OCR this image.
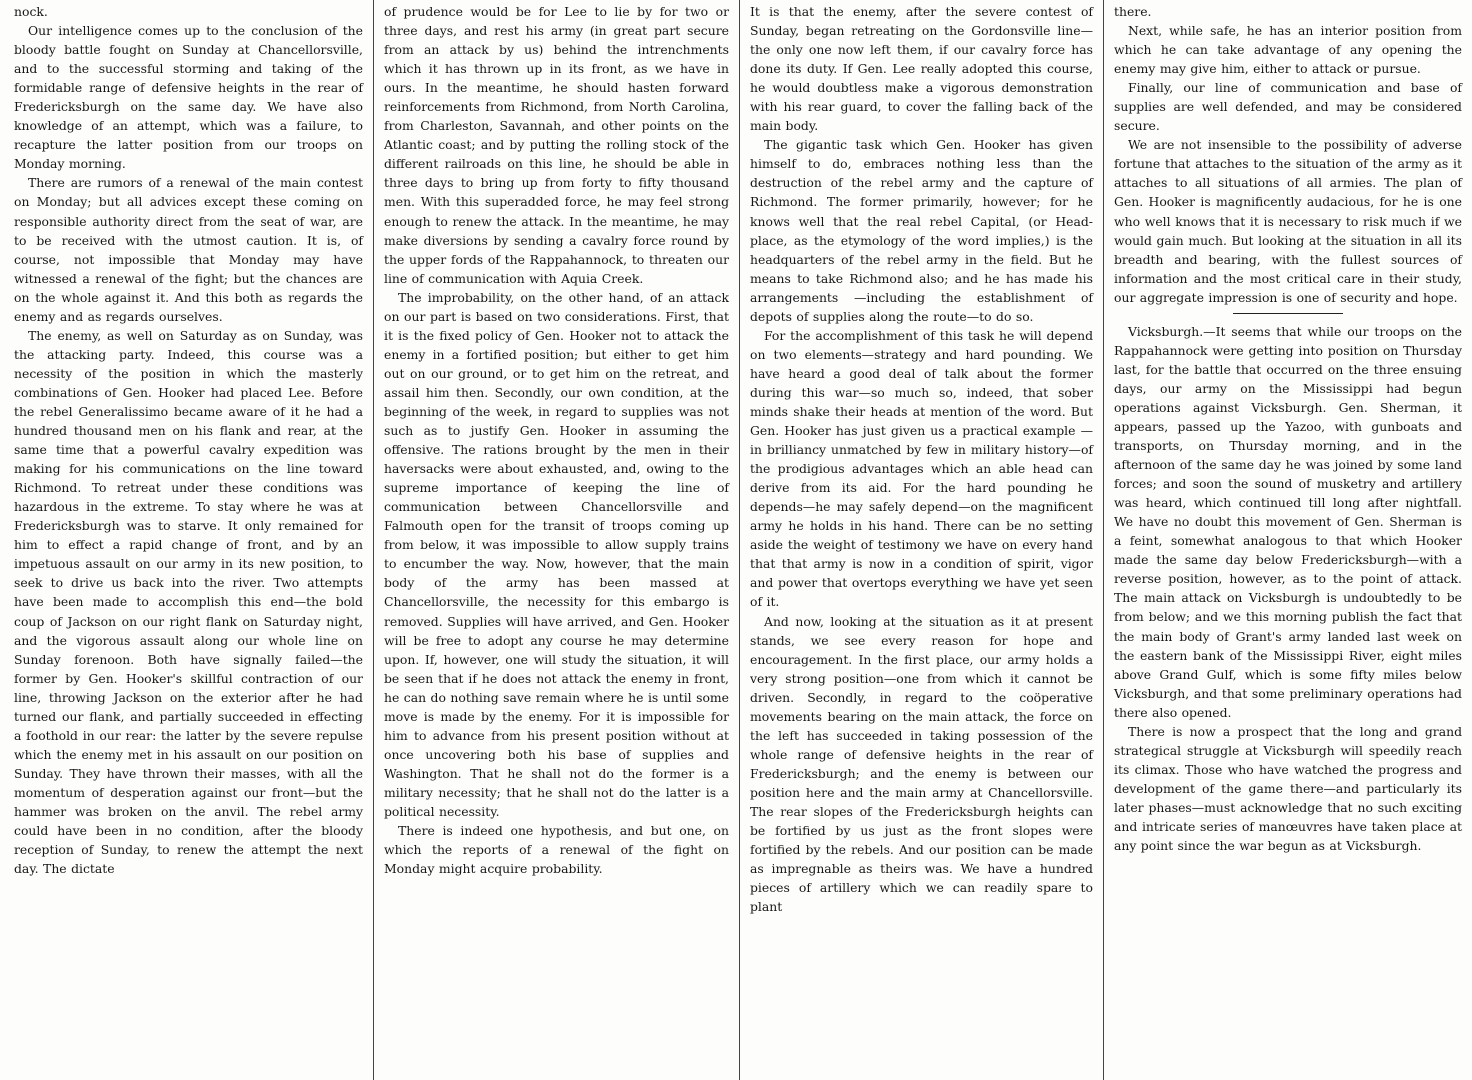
nock.

Our intelligence comes up to the conclusion of the bloody battle fought on Sunday at Chancellorsville, and to the successful storming and taking of the formidable range of defensive heights in the rear of Fredericksburgh on the same day. We have also knowledge of an attempt, which was a failure, to recapture the latter position from our troops on Monday morning.

There are rumors of a renewal of the main contest on Monday; but all advices except these coming on responsible authority direct from the seat of war, are to be received with the utmost caution. It is, of course, not impossible that Monday may have witnessed a renewal of the fight; but the chances are on the whole against it. And this both as regards the enemy and as regards ourselves.

The enemy, as well on Saturday as on Sunday, was the attacking party. Indeed, this course was a necessity of the position in which the masterly combinations of Gen. Hooker had placed Lee. Before the rebel Generalissimo became aware of it he had a hundred thousand men on his flank and rear, at the same time that a powerful cavalry expedition was making for his communications on the line toward Richmond. To retreat under these conditions was hazardous in the extreme. To stay where he was at Fredericksburgh was to starve. It only remained for him to effect a rapid change of front, and by an impetuous assault on our army in its new position, to seek to drive us back into the river. Two attempts have been made to accomplish this end—the bold coup of Jackson on our right flank on Saturday night, and the vigorous assault along our whole line on Sunday forenoon. Both have signally failed—the former by Gen. Hooker's skillful contraction of our line, throwing Jackson on the exterior after he had turned our flank, and partially succeeded in effecting a foothold in our rear: the latter by the severe repulse which the enemy met in his assault on our position on Sunday. They have thrown their masses, with all the momentum of desperation against our front—but the hammer was broken on the anvil. The rebel army could have been in no condition, after the bloody reception of Sunday, to renew the attempt the next day. The dictate

of prudence would be for Lee to lie by for two or three days, and rest his army (in great part secure from an attack by us) behind the intrenchments which it has thrown up in its front, as we have in ours. In the meantime, he should hasten forward reinforcements from Richmond, from North Carolina, from Charleston, Savannah, and other points on the Atlantic coast; and by putting the rolling stock of the different railroads on this line, he should be able in three days to bring up from forty to fifty thousand men. With this superadded force, he may feel strong enough to renew the attack. In the meantime, he may make diversions by sending a cavalry force round by the upper fords of the Rappahannock, to threaten our line of communication with Aquia Creek.

The improbability, on the other hand, of an attack on our part is based on two considerations. First, that it is the fixed policy of Gen. Hooker not to attack the enemy in a fortified position; but either to get him out on our ground, or to get him on the retreat, and assail him then. Secondly, our own condition, at the beginning of the week, in regard to supplies was not such as to justify Gen. Hooker in assuming the offensive. The rations brought by the men in their haversacks were about exhausted, and, owing to the supreme importance of keeping the line of communication between Chancellorsville and Falmouth open for the transit of troops coming up from below, it was impossible to allow supply trains to encumber the way. Now, however, that the main body of the army has been massed at Chancellorsville, the necessity for this embargo is removed. Supplies will have arrived, and Gen. Hooker will be free to adopt any course he may determine upon. If, however, one will study the situation, it will be seen that if he does not attack the enemy in front, he can do nothing save remain where he is until some move is made by the enemy. For it is impossible for him to advance from his present position without at once uncovering both his base of supplies and Washington. That he shall not do the former is a military necessity; that he shall not do the latter is a political necessity.

There is indeed one hypothesis, and but one, on which the reports of a renewal of the fight on Monday might acquire probability.

It is that the enemy, after the severe contest of Sunday, began retreating on the Gordonsville line—the only one now left them, if our cavalry force has done its duty. If Gen. Lee really adopted this course, he would doubtless make a vigorous demonstration with his rear guard, to cover the falling back of the main body.

The gigantic task which Gen. Hooker has given himself to do, embraces nothing less than the destruction of the rebel army and the capture of Richmond. The former primarily, however; for he knows well that the real rebel Capital, (or Head-place, as the etymology of the word implies,) is the headquarters of the rebel army in the field. But he means to take Richmond also; and he has made his arrangements —including the establishment of depots of supplies along the route—to do so.

For the accomplishment of this task he will depend on two elements—strategy and hard pounding. We have heard a good deal of talk about the former during this war—so much so, indeed, that sober minds shake their heads at mention of the word. But Gen. Hooker has just given us a practical example —in brilliancy unmatched by few in military history—of the prodigious advantages which an able head can derive from its aid. For the hard pounding he depends—he may safely depend—on the magnificent army he holds in his hand. There can be no setting aside the weight of testimony we have on every hand that that army is now in a condition of spirit, vigor and power that overtops everything we have yet seen of it.

And now, looking at the situation as it at present stands, we see every reason for hope and encouragement. In the first place, our army holds a very strong position—one from which it cannot be driven. Secondly, in regard to the coöperative movements bearing on the main attack, the force on the left has succeeded in taking possession of the whole range of defensive heights in the rear of Fredericksburgh; and the enemy is between our position here and the main army at Chancellorsville. The rear slopes of the Fredericksburgh heights can be fortified by us just as the front slopes were fortified by the rebels. And our position can be made as impregnable as theirs was. We have a hundred pieces of artillery which we can readily spare to plant

there.

Next, while safe, he has an interior position from which he can take advantage of any opening the enemy may give him, either to attack or pursue.

Finally, our line of communication and base of supplies are well defended, and may be considered secure.

We are not insensible to the possibility of adverse fortune that attaches to the situation of the army as it attaches to all situations of all armies. The plan of Gen. Hooker is magnificently audacious, for he is one who well knows that it is necessary to risk much if we would gain much. But looking at the situation in all its breadth and bearing, with the fullest sources of information and the most critical care in their study, our aggregate impression is one of security and hope.

Vicksburgh.—It seems that while our troops on the Rappahannock were getting into position on Thursday last, for the battle that occurred on the three ensuing days, our army on the Mississippi had begun operations against Vicksburgh. Gen. Sherman, it appears, passed up the Yazoo, with gunboats and transports, on Thursday morning, and in the afternoon of the same day he was joined by some land forces; and soon the sound of musketry and artillery was heard, which continued till long after nightfall. We have no doubt this movement of Gen. Sherman is a feint, somewhat analogous to that which Hooker made the same day below Fredericksburgh—with a reverse position, however, as to the point of attack. The main attack on Vicksburgh is undoubtedly to be from below; and we this morning publish the fact that the main body of Grant's army landed last week on the eastern bank of the Mississippi River, eight miles above Grand Gulf, which is some fifty miles below Vicksburgh, and that some preliminary operations had there also opened.

There is now a prospect that the long and grand strategical struggle at Vicksburgh will speedily reach its climax. Those who have watched the progress and development of the game there—and particularly its later phases—must acknowledge that no such exciting and intricate series of manœuvres have taken place at any point since the war begun as at Vicksburgh.
